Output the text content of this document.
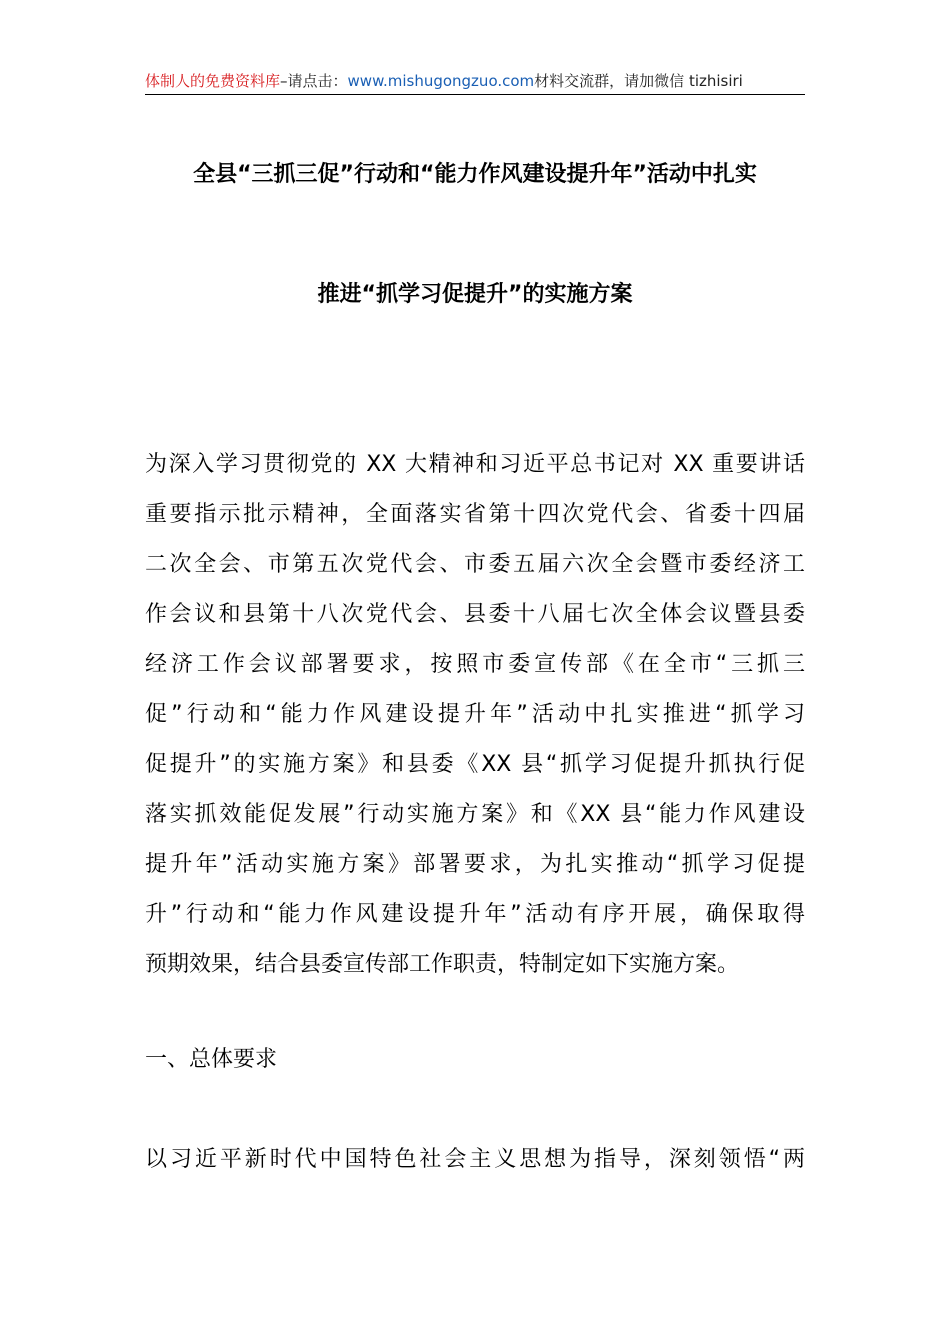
体制人的免费资料库–请点击：www.mishugongzuo.com材料交流群，请加微信 tizhisiri
全县“三抓三促”行动和“能力作风建设提升年”活动中扎实
推进“抓学习促提升”的实施方案
为深入学习贯彻党的 XX 大精神和习近平总书记对 XX 重要讲话
重要指示批示精神，全面落实省第十四次党代会、省委十四届
二次全会、市第五次党代会、市委五届六次全会暨市委经济工
作会议和县第十八次党代会、县委十八届七次全体会议暨县委
经济工作会议部署要求，按照市委宣传部《在全市“三抓三
促”行动和“能力作风建设提升年”活动中扎实推进“抓学习
促提升”的实施方案》和县委《XX 县“抓学习促提升抓执行促
落实抓效能促发展”行动实施方案》和《XX 县“能力作风建设
提升年”活动实施方案》部署要求，为扎实推动“抓学习促提
升”行动和“能力作风建设提升年”活动有序开展，确保取得
预期效果，结合县委宣传部工作职责，特制定如下实施方案。
一、总体要求
以习近平新时代中国特色社会主义思想为指导，深刻领悟“两
